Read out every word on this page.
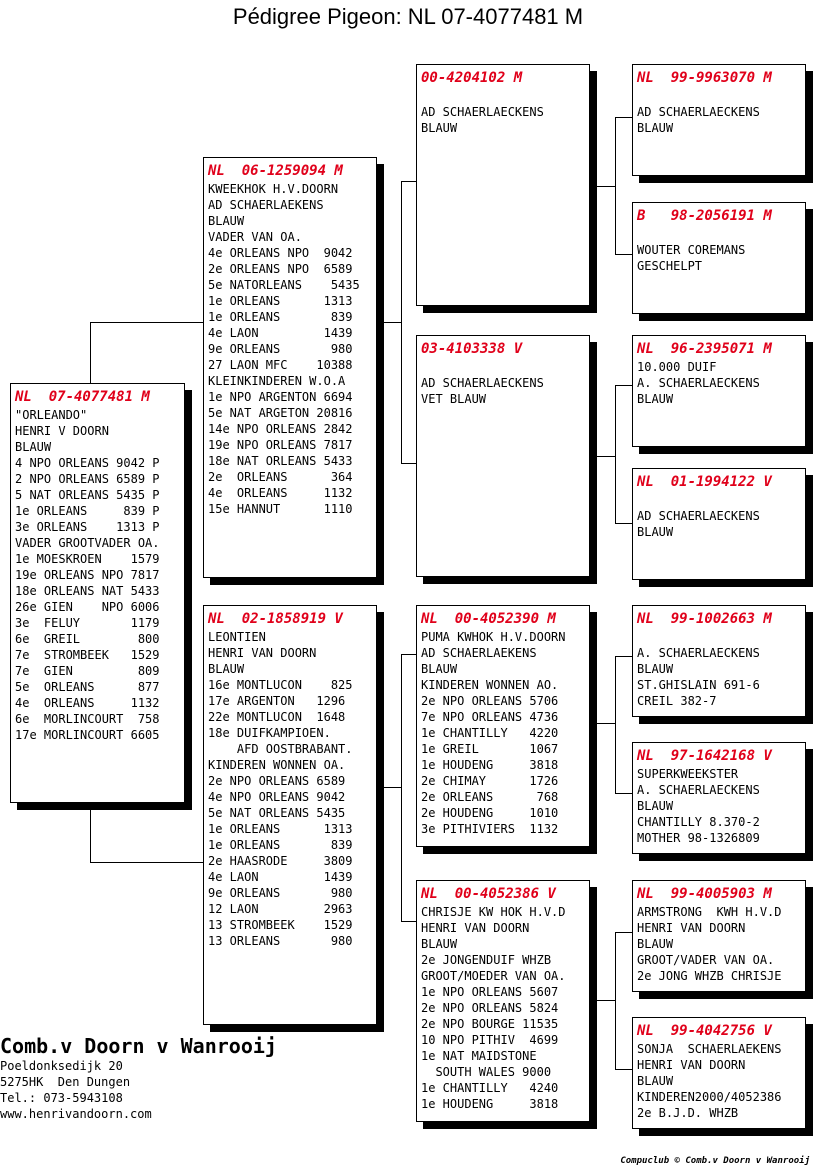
Pédigree Pigeon: NL 07-4077481 M
NL  07-4077481 M
"ORLEANDO"
HENRI V DOORN
BLAUW
4 NPO ORLEANS 9042 P
2 NPO ORLEANS 6589 P
5 NAT ORLEANS 5435 P
1e ORLEANS     839 P
3e ORLEANS    1313 P
VADER GROOTVADER OA.
1e MOESKROEN    1579
19e ORLEANS NPO 7817
18e ORLEANS NAT 5433
26e GIEN    NPO 6006
3e  FELUY       1179
6e  GREIL        800
7e  STROMBEEK   1529
7e  GIEN         809
5e  ORLEANS      877
4e  ORLEANS     1132
6e  MORLINCOURT  758
17e MORLINCOURT 6605
NL  06-1259094 M
KWEEKHOK H.V.DOORN
AD SCHAERLAEKENS
BLAUW
VADER VAN OA.
4e ORLEANS NPO  9042
2e ORLEANS NPO  6589
5e NATORLEANS    5435
1e ORLEANS      1313
1e ORLEANS       839
4e LAON         1439
9e ORLEANS       980
27 LAON MFC    10388
KLEINKINDEREN W.O.A
1e NPO ARGENTON 6694
5e NAT ARGETON 20816
14e NPO ORLEANS 2842
19e NPO ORLEANS 7817
18e NAT ORLEANS 5433
2e  ORLEANS      364
4e  ORLEANS     1132
15e HANNUT      1110
NL  02-1858919 V
LEONTIEN
HENRI VAN DOORN
BLAUW
16e MONTLUCON    825
17e ARGENTON   1296
22e MONTLUCON  1648
18e DUIFKAMPIOEN.
AFD OOSTBRABANT.
KINDEREN WONNEN OA.
2e NPO ORLEANS 6589
4e NPO ORLEANS 9042
5e NAT ORLEANS 5435
1e ORLEANS      1313
1e ORLEANS       839
2e HAASRODE     3809
4e LAON         1439
9e ORLEANS       980
12 LAON         2963
13 STROMBEEK    1529
13 ORLEANS       980
00-4204102 M
AD SCHAERLAECKENS
BLAUW
03-4103338 V
AD SCHAERLAECKENS
VET BLAUW
NL  00-4052390 M
PUMA KWHOK H.V.DOORN
AD SCHAERLAEKENS
BLAUW
KINDEREN WONNEN AO.
2e NPO ORLEANS 5706
7e NPO ORLEANS 4736
1e CHANTILLY   4220
1e GREIL       1067
1e HOUDENG     3818
2e CHIMAY      1726
2e ORLEANS      768
2e HOUDENG     1010
3e PITHIVIERS  1132
NL  00-4052386 V
CHRISJE KW HOK H.V.D
HENRI VAN DOORN
BLAUW
2e JONGENDUIF WHZB
GROOT/MOEDER VAN OA.
1e NPO ORLEANS 5607
2e NPO ORLEANS 5824
2e NPO BOURGE 11535
10 NPO PITHIV  4699
1e NAT MAIDSTONE
SOUTH WALES 9000
1e CHANTILLY   4240
1e HOUDENG     3818
NL  99-9963070 M
AD SCHAERLAECKENS
BLAUW
B   98-2056191 M
WOUTER COREMANS
GESCHELPT
NL  96-2395071 M
10.000 DUIF
A. SCHAERLAECKENS
BLAUW
NL  01-1994122 V
AD SCHAERLAECKENS
BLAUW
NL  99-1002663 M
A. SCHAERLAECKENS
BLAUW
ST.GHISLAIN 691-6
CREIL 382-7
NL  97-1642168 V
SUPERKWEEKSTER
A. SCHAERLAECKENS
BLAUW
CHANTILLY 8.370-2
MOTHER 98-1326809
NL  99-4005903 M
ARMSTRONG  KWH H.V.D
HENRI VAN DOORN
BLAUW
GROOT/VADER VAN OA.
2e JONG WHZB CHRISJE
NL  99-4042756 V
SONJA  SCHAERLAEKENS
HENRI VAN DOORN
BLAUW
KINDEREN2000/4052386
2e B.J.D. WHZB
Comb.v Doorn v Wanrooij
Poeldonksedijk 20
5275HK  Den Dungen
Tel.: 073-5943108
www.henrivandoorn.com
Compuclub © Comb.v Doorn v Wanrooij
